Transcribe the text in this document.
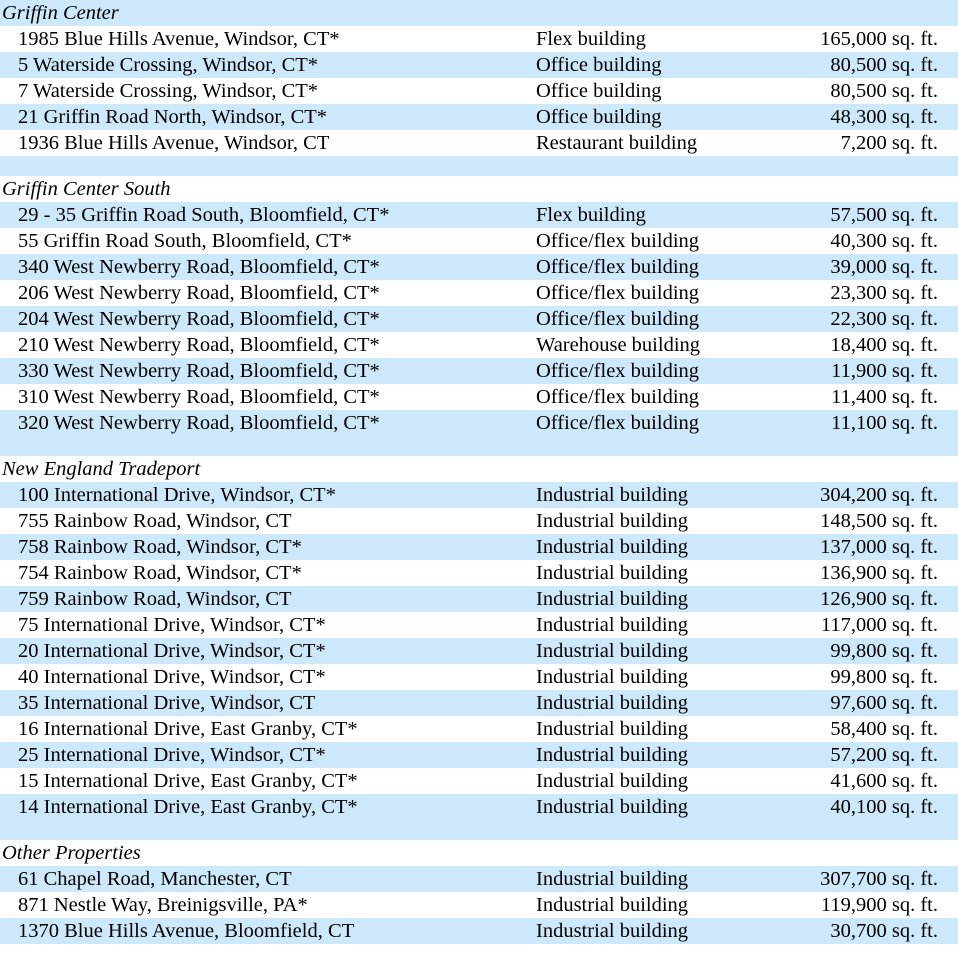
Griffin Center
1985 Blue Hills Avenue, Windsor, CT*	Flex building	165,000 sq. ft.
5 Waterside Crossing, Windsor, CT*	Office building	80,500 sq. ft.
7 Waterside Crossing, Windsor, CT*	Office building	80,500 sq. ft.
21 Griffin Road North, Windsor, CT*	Office building	48,300 sq. ft.
1936 Blue Hills Avenue, Windsor, CT	Restaurant building	7,200 sq. ft.
Griffin Center South
29 - 35 Griffin Road South, Bloomfield, CT*	Flex building	57,500 sq. ft.
55 Griffin Road South, Bloomfield, CT*	Office/flex building	40,300 sq. ft.
340 West Newberry Road, Bloomfield, CT*	Office/flex building	39,000 sq. ft.
206 West Newberry Road, Bloomfield, CT*	Office/flex building	23,300 sq. ft.
204 West Newberry Road, Bloomfield, CT*	Office/flex building	22,300 sq. ft.
210 West Newberry Road, Bloomfield, CT*	Warehouse building	18,400 sq. ft.
330 West Newberry Road, Bloomfield, CT*	Office/flex building	11,900 sq. ft.
310 West Newberry Road, Bloomfield, CT*	Office/flex building	11,400 sq. ft.
320 West Newberry Road, Bloomfield, CT*	Office/flex building	11,100 sq. ft.
New England Tradeport
100 International Drive, Windsor, CT*	Industrial building	304,200 sq. ft.
755 Rainbow Road, Windsor, CT	Industrial building	148,500 sq. ft.
758 Rainbow Road, Windsor, CT*	Industrial building	137,000 sq. ft.
754 Rainbow Road, Windsor, CT*	Industrial building	136,900 sq. ft.
759 Rainbow Road, Windsor, CT	Industrial building	126,900 sq. ft.
75 International Drive, Windsor, CT*	Industrial building	117,000 sq. ft.
20 International Drive, Windsor, CT*	Industrial building	99,800 sq. ft.
40 International Drive, Windsor, CT*	Industrial building	99,800 sq. ft.
35 International Drive, Windsor, CT	Industrial building	97,600 sq. ft.
16 International Drive, East Granby, CT*	Industrial building	58,400 sq. ft.
25 International Drive, Windsor, CT*	Industrial building	57,200 sq. ft.
15 International Drive, East Granby, CT*	Industrial building	41,600 sq. ft.
14 International Drive, East Granby, CT*	Industrial building	40,100 sq. ft.
Other Properties
61 Chapel Road, Manchester, CT	Industrial building	307,700 sq. ft.
871 Nestle Way, Breinigsville, PA*	Industrial building	119,900 sq. ft.
1370 Blue Hills Avenue, Bloomfield, CT	Industrial building	30,700 sq. ft.
